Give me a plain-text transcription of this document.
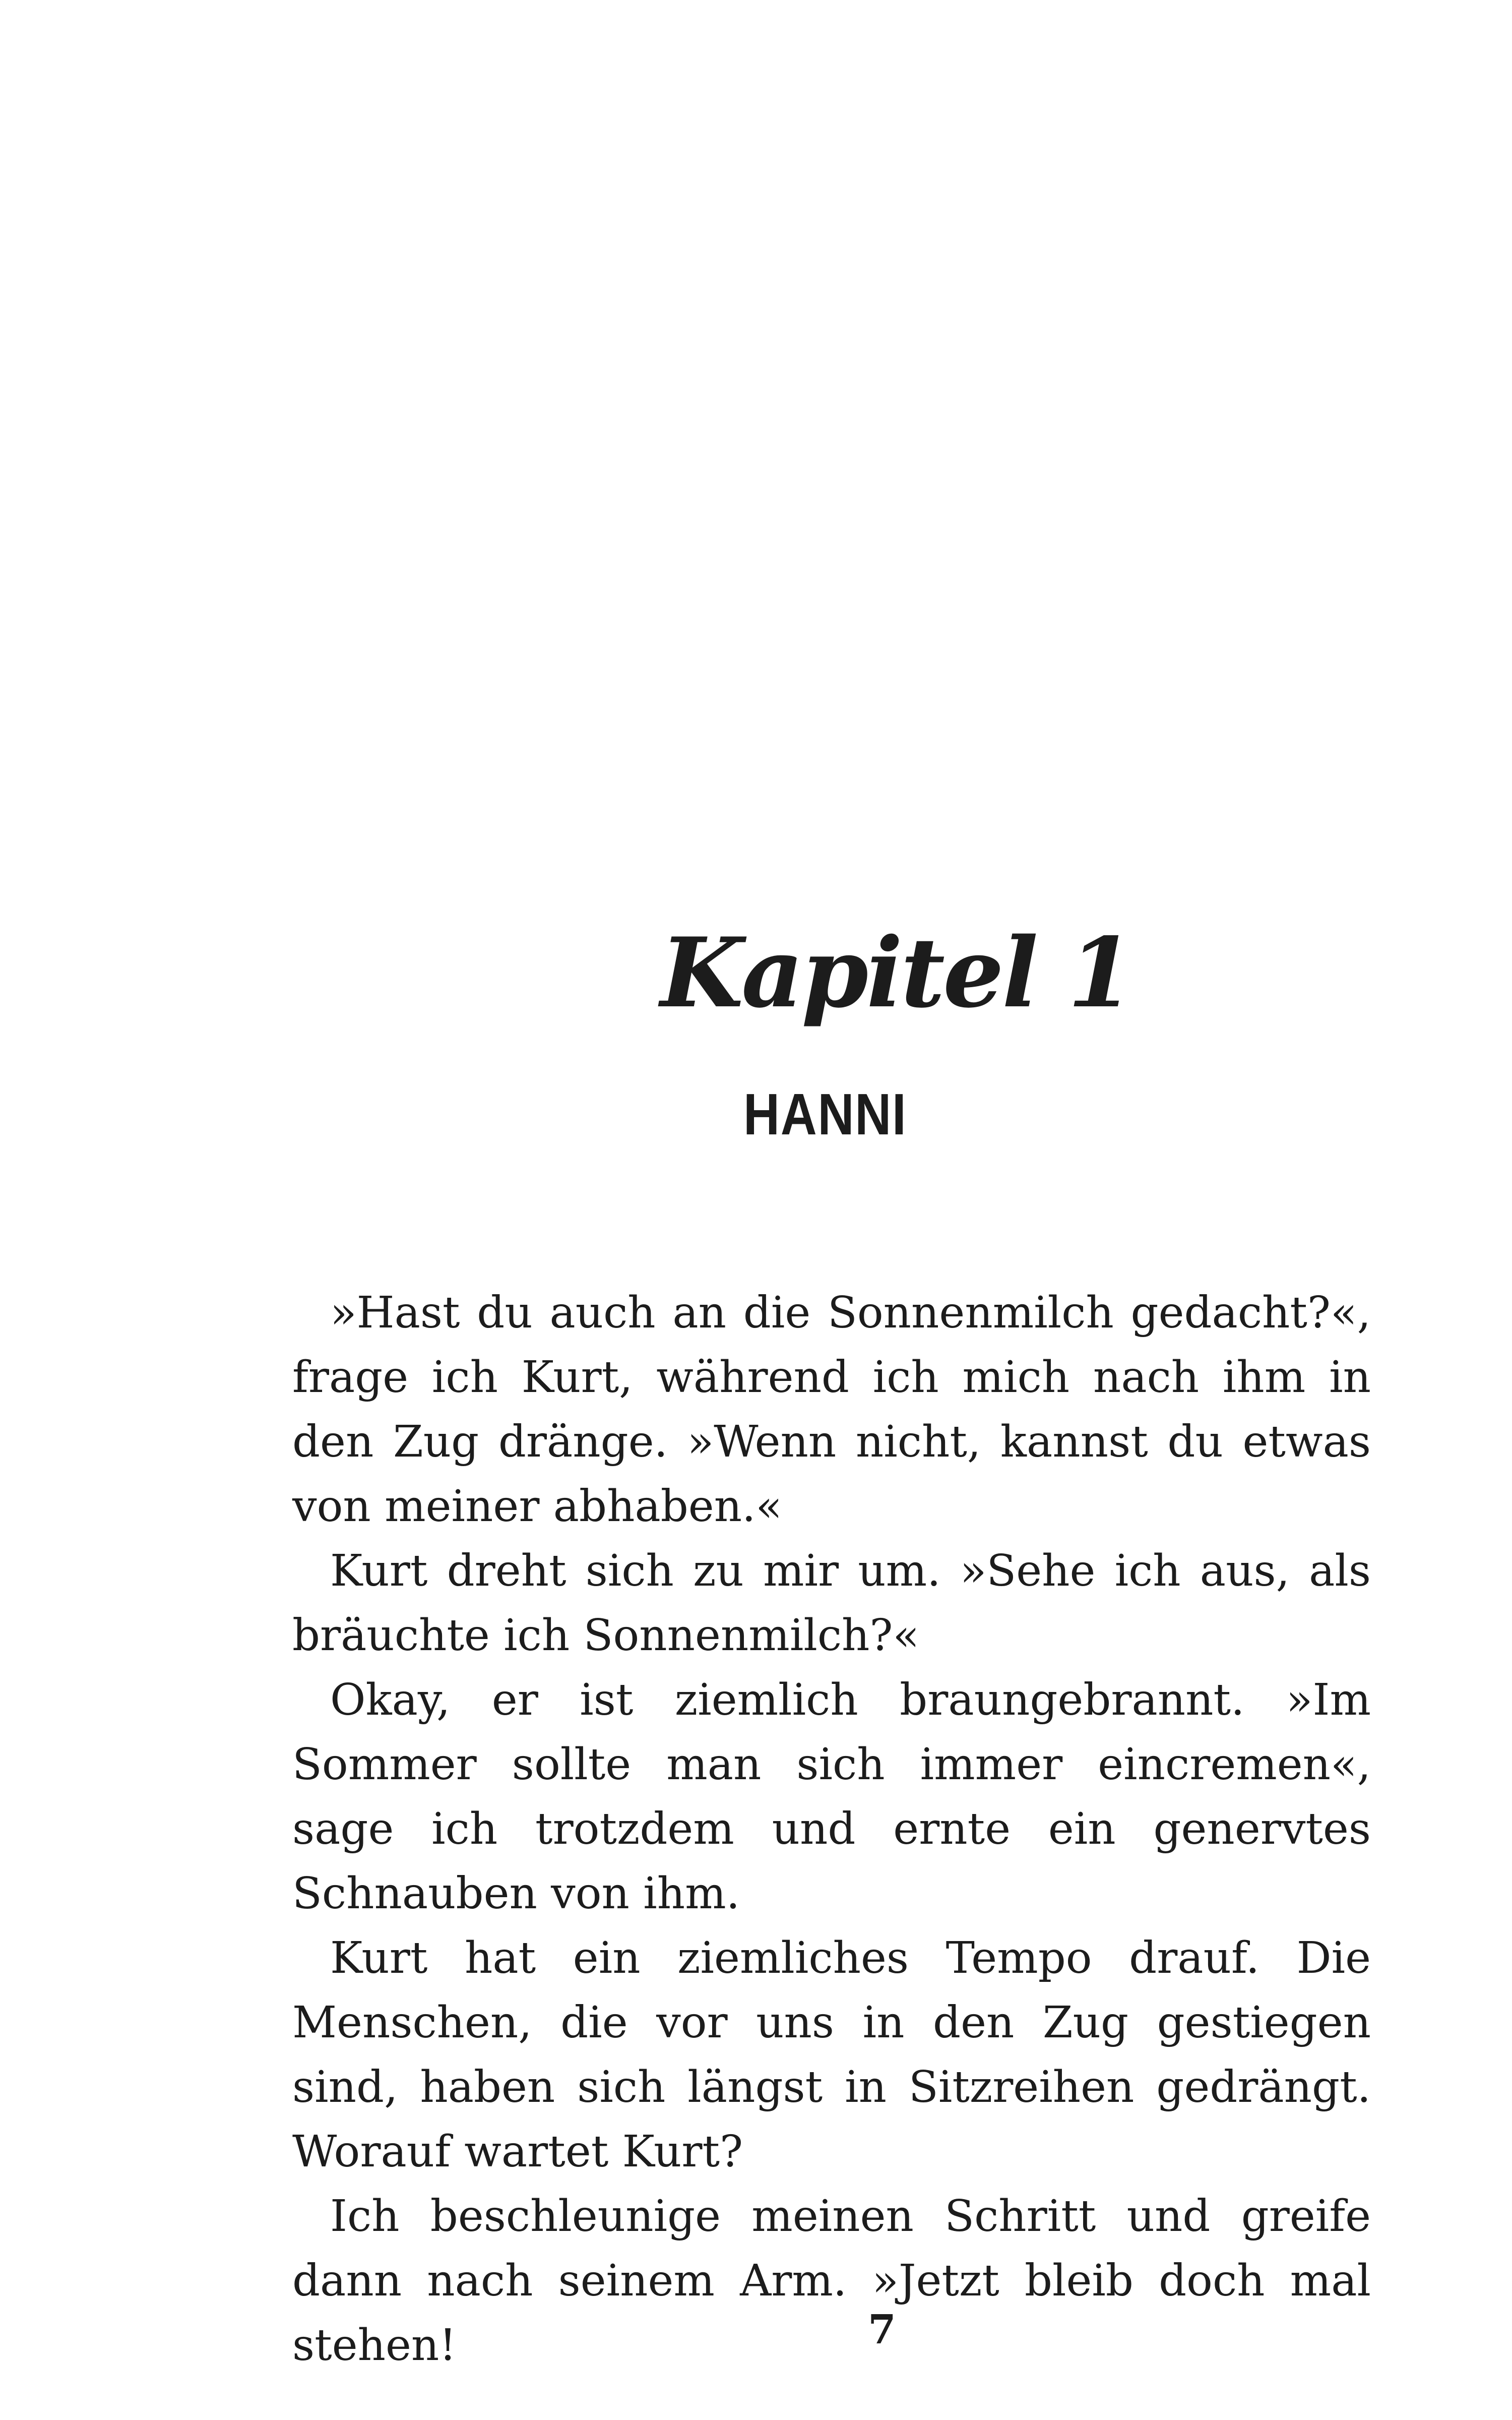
Kapitel 1
HANNI

»Hast du auch an die Sonnenmilch gedacht?«, frage ich Kurt, während ich mich nach ihm in den Zug dränge. »Wenn nicht, kannst du etwas von meiner abhaben.«

Kurt dreht sich zu mir um. »Sehe ich aus, als bräuchte ich Sonnenmilch?«

Okay, er ist ziemlich braungebrannt. »Im Sommer sollte man sich immer eincremen«, sage ich trotzdem und ernte ein genervtes Schnauben von ihm.

Kurt hat ein ziemliches Tempo drauf. Die Menschen, die vor uns in den Zug gestiegen sind, haben sich längst in Sitzreihen gedrängt. Worauf wartet Kurt?

Ich beschleunige meinen Schritt und greife dann nach seinem Arm. »Jetzt bleib doch mal stehen!	7
